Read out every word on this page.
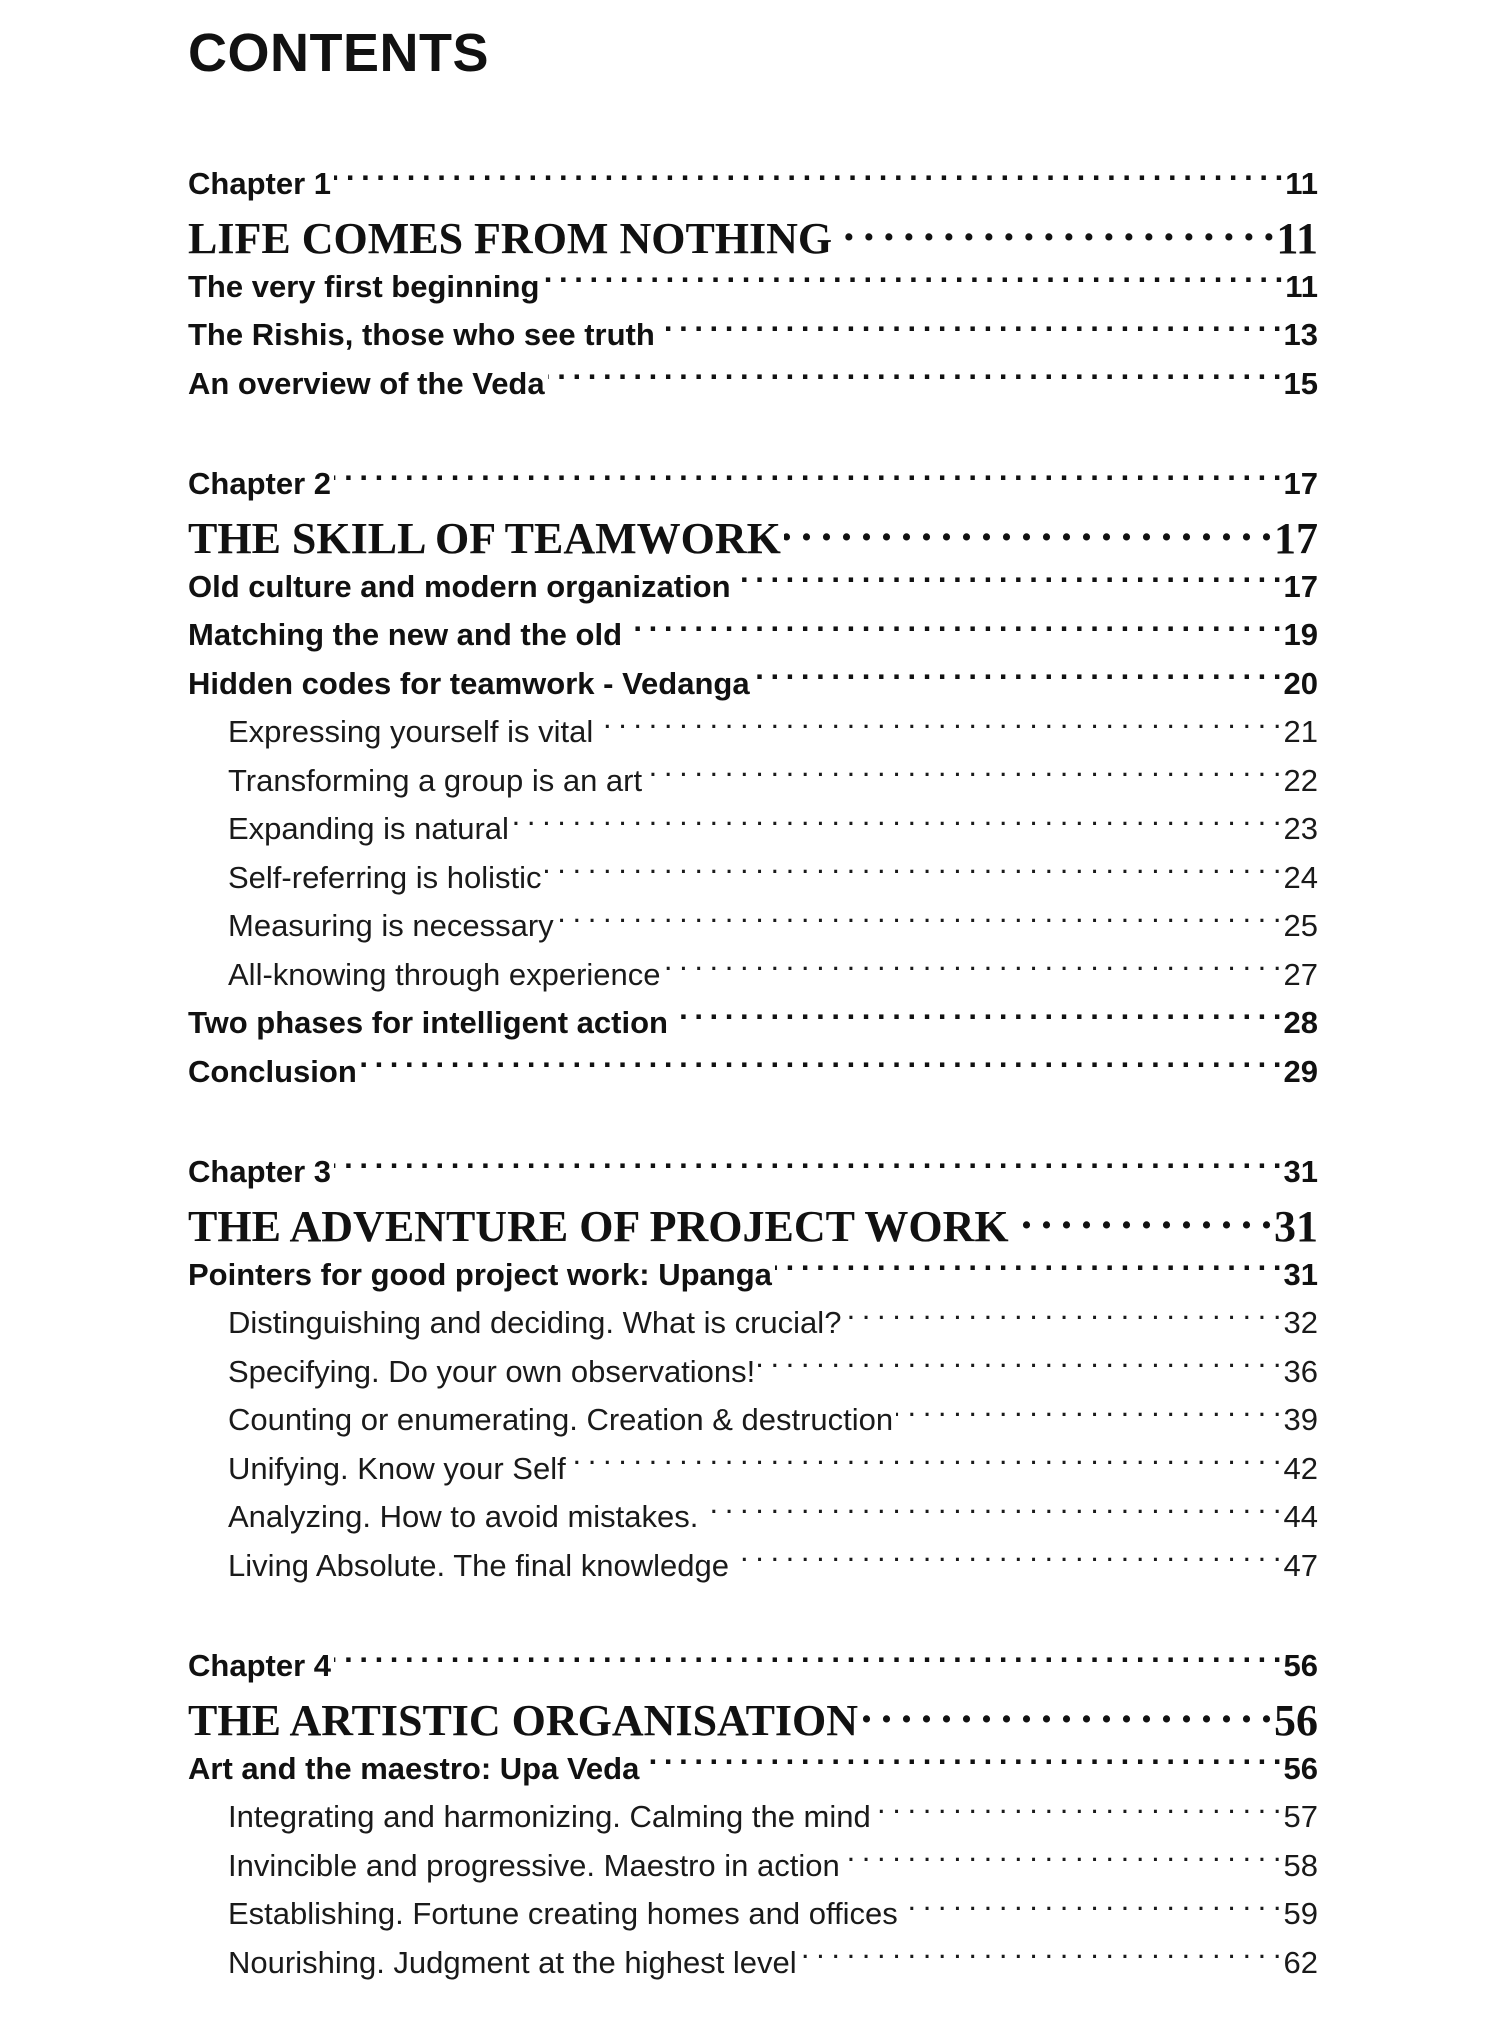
CONTENTS
Chapter 1 . . .	11
LIFE COMES FROM NOTHING . . .	11
The very first beginning . . .	11
The Rishis, those who see truth . . .	13
An overview of the Veda . . .	15
Chapter 2 . . .	17
THE SKILL OF TEAMWORK . . .	17
Old culture and modern organization . . .	17
Matching the new and the old . . .	19
Hidden codes for teamwork - Vedanga . . .	20
Expressing yourself is vital . . .	21
Transforming a group is an art . . .	22
Expanding is natural . . .	23
Self-referring is holistic . . .	24
Measuring is necessary . . .	25
All-knowing through experience . . .	27
Two phases for intelligent action . . .	28
Conclusion . . .	29
Chapter 3 . . .	31
THE ADVENTURE OF PROJECT WORK . . .	31
Pointers for good project work: Upanga . . .	31
Distinguishing and deciding. What is crucial? . . .	32
Specifying. Do your own observations! . . .	36
Counting or enumerating. Creation & destruction . . .	39
Unifying. Know your Self . . .	42
Analyzing. How to avoid mistakes. . . .	44
Living Absolute. The final knowledge . . .	47
Chapter 4 . . .	56
THE ARTISTIC ORGANISATION . . .	56
Art and the maestro: Upa Veda . . .	56
Integrating and harmonizing. Calming the mind . . .	57
Invincible and progressive. Maestro in action . . .	58
Establishing. Fortune creating homes and offices . . .	59
Nourishing. Judgment at the highest level . . .	62
